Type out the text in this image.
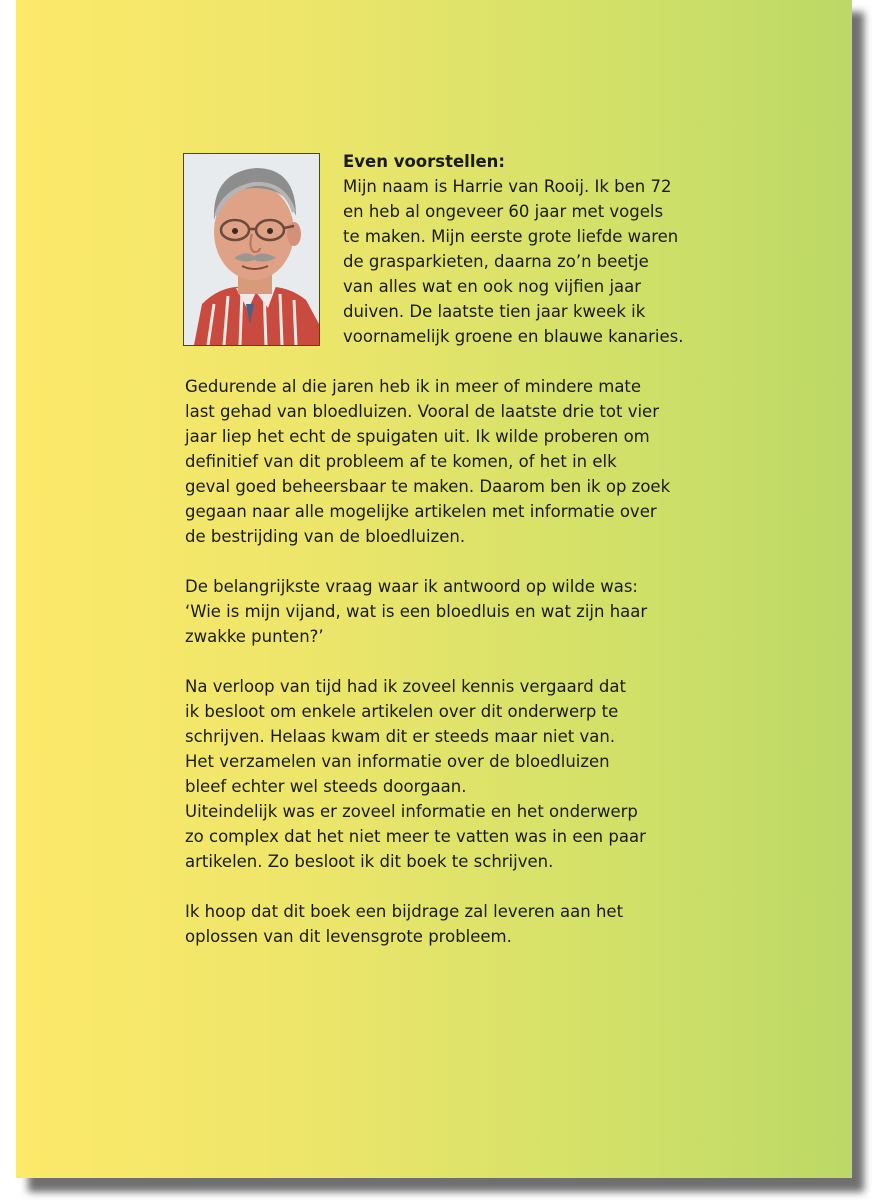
Even voorstellen:
Mijn naam is Harrie van Rooij. Ik ben 72
en heb al ongeveer 60 jaar met vogels
te maken. Mijn eerste grote liefde waren
de grasparkieten, daarna zo’n beetje
van alles wat en ook nog vijfien jaar
duiven. De laatste tien jaar kweek ik
voornamelijk groene en blauwe kanaries.

Gedurende al die jaren heb ik in meer of mindere mate
last gehad van bloedluizen. Vooral de laatste drie tot vier
jaar liep het echt de spuigaten uit. Ik wilde proberen om
definitief van dit probleem af te komen, of het in elk
geval goed beheersbaar te maken. Daarom ben ik op zoek
gegaan naar alle mogelijke artikelen met informatie over
de bestrijding van de bloedluizen.

De belangrijkste vraag waar ik antwoord op wilde was:
‘Wie is mijn vijand, wat is een bloedluis en wat zijn haar
zwakke punten?’

Na verloop van tijd had ik zoveel kennis vergaard dat
ik besloot om enkele artikelen over dit onderwerp te
schrijven. Helaas kwam dit er steeds maar niet van.
Het verzamelen van informatie over de bloedluizen
bleef echter wel steeds doorgaan.
Uiteindelijk was er zoveel informatie en het onderwerp
zo complex dat het niet meer te vatten was in een paar
artikelen. Zo besloot ik dit boek te schrijven.

Ik hoop dat dit boek een bijdrage zal leveren aan het
oplossen van dit levensgrote probleem.
